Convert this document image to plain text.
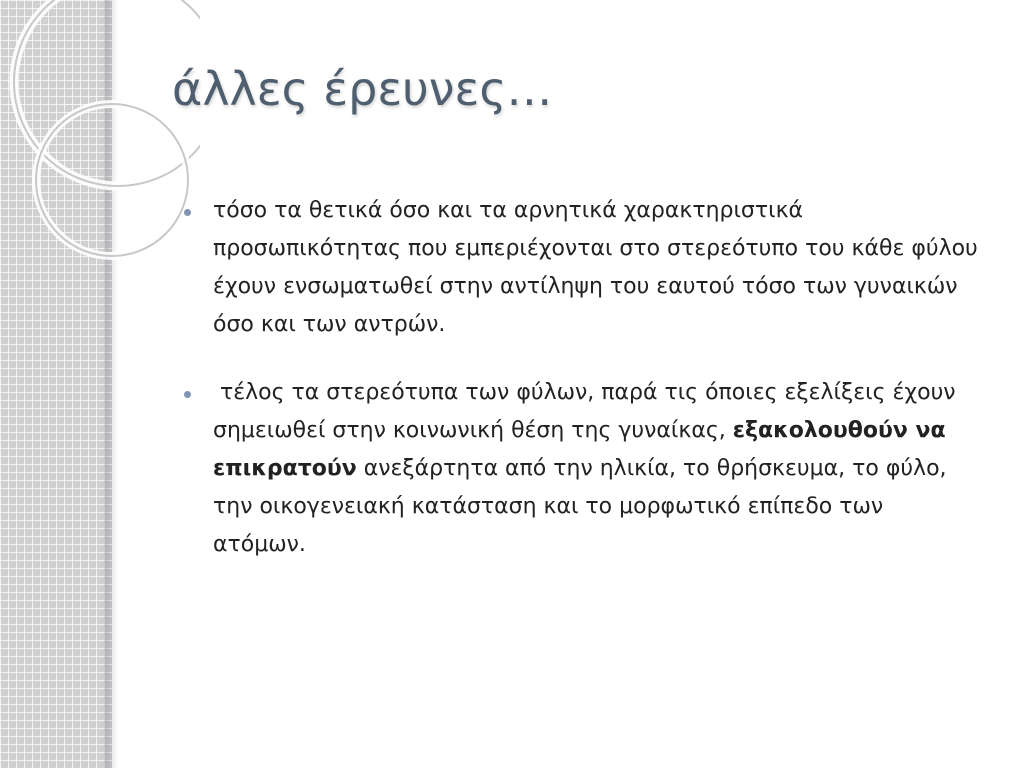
άλλες έρευνες…
τόσο τα θετικά όσο και τα αρνητικά χαρακτηριστικά προσωπικότητας που εμπεριέχονται στο στερεότυπο του κάθε φύλου έχουν ενσωματωθεί στην αντίληψη του εαυτού τόσο των γυναικών όσο και των αντρών.
τέλος τα στερεότυπα των φύλων, παρά τις όποιες εξελίξεις έχουν σημειωθεί στην κοινωνική θέση της γυναίκας, εξακολουθούν να επικρατούν ανεξάρτητα από την ηλικία, το θρήσκευμα, το φύλο, την οικογενειακή κατάσταση και το μορφωτικό επίπεδο των ατόμων.
